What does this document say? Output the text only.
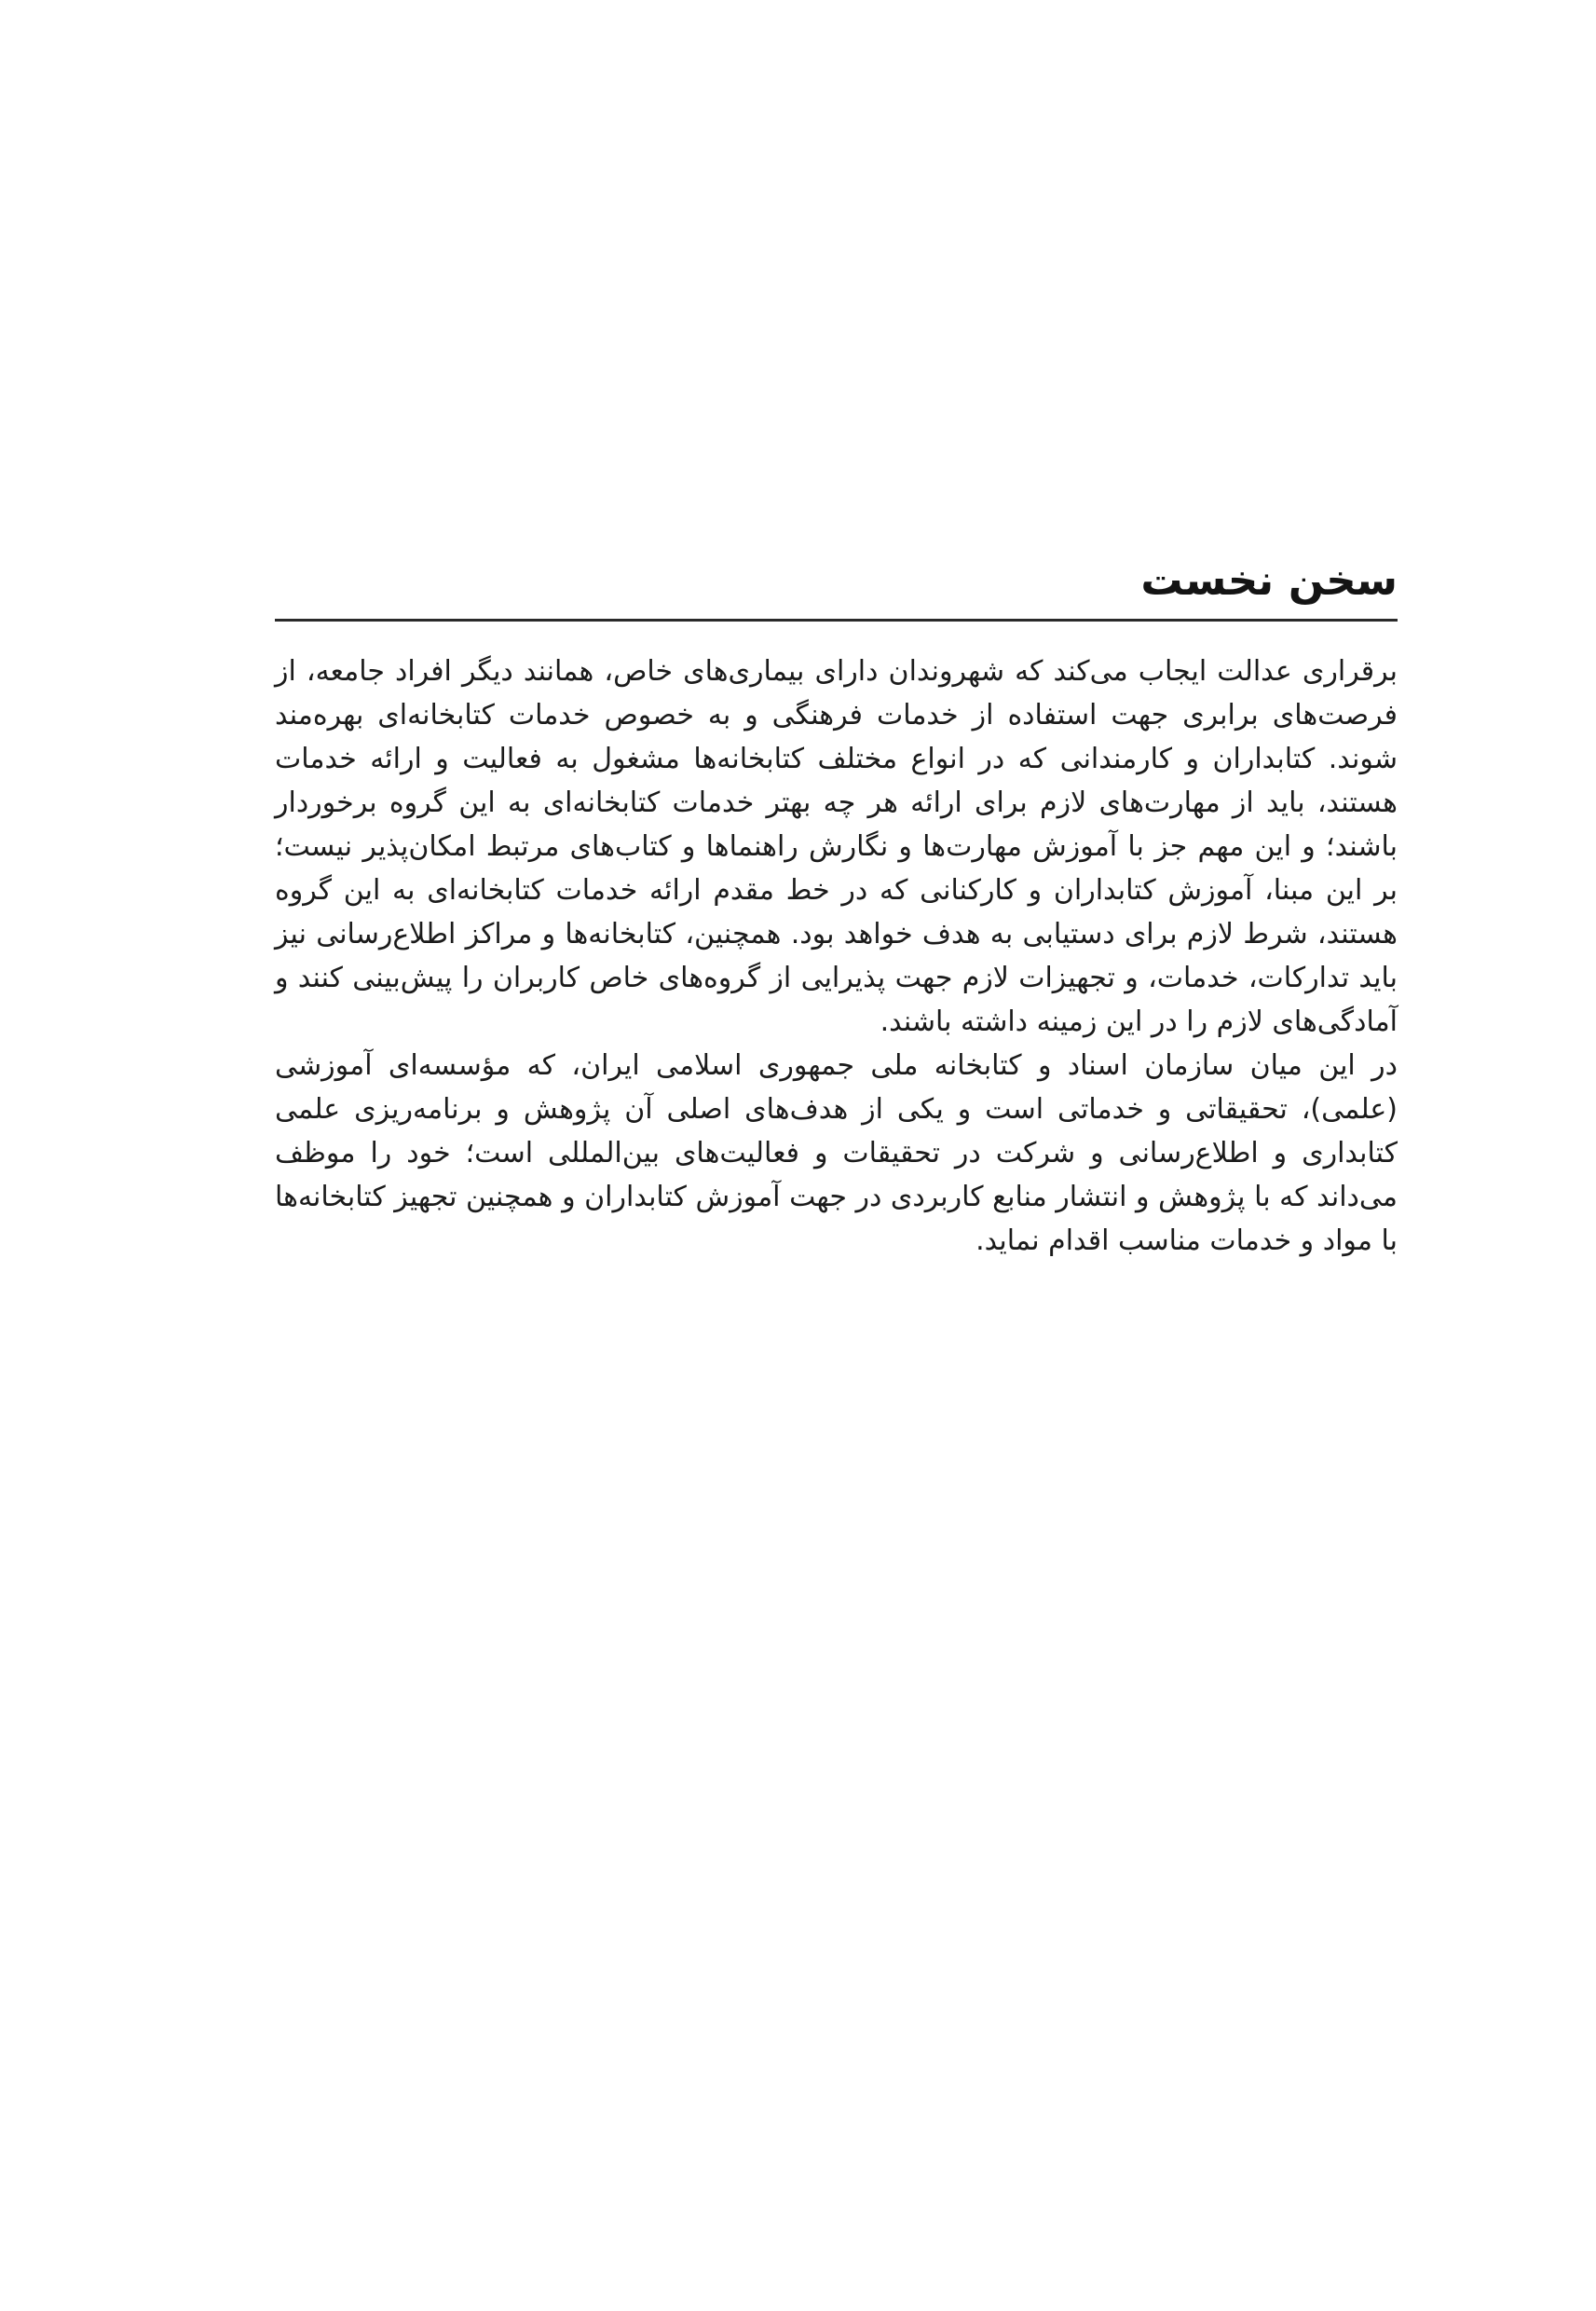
سخن نخست

برقراری عدالت ایجاب می‌کند که شهروندان دارای بیماری‌های خاص، همانند دیگر افراد جامعه، از فرصت‌های برابری جهت استفاده از خدمات فرهنگی و به خصوص خدمات کتابخانه‌ای بهره‌مند شوند. کتابداران و کارمندانی که در انواع مختلف کتابخانه‌ها مشغول به فعالیت و ارائه خدمات هستند، باید از مهارت‌های لازم برای ارائه هر چه بهتر خدمات کتابخانه‌ای به این گروه برخوردار باشند؛ و این مهم جز با آموزش مهارت‌ها و نگارش راهنماها و کتاب‌های مرتبط امکان‌پذیر نیست؛ بر این مبنا، آموزش کتابداران و کارکنانی که در خط مقدم ارائه خدمات کتابخانه‌ای به این گروه هستند، شرط لازم برای دستیابی به هدف خواهد بود. همچنین، کتابخانه‌ها و مراکز اطلاع‌رسانی نیز باید تدارکات، خدمات، و تجهیزات لازم جهت پذیرایی از گروه‌های خاص کاربران را پیش‌بینی کنند و آمادگی‌های لازم را در این زمینه داشته باشند.

در این میان سازمان اسناد و کتابخانه ملی جمهوری اسلامی ایران، که مؤسسه‌ای آموزشی (علمی)، تحقیقاتی و خدماتی است و یکی از هدف‌های اصلی آن پژوهش و برنامه‌ریزی علمی کتابداری و اطلاع‌رسانی و شرکت در تحقیقات و فعالیت‌های بین‌المللی است؛ خود را موظف می‌داند که با پژوهش و انتشار منابع کاربردی در جهت آموزش کتابداران و همچنین تجهیز کتابخانه‌ها با مواد و خدمات مناسب اقدام نماید.
